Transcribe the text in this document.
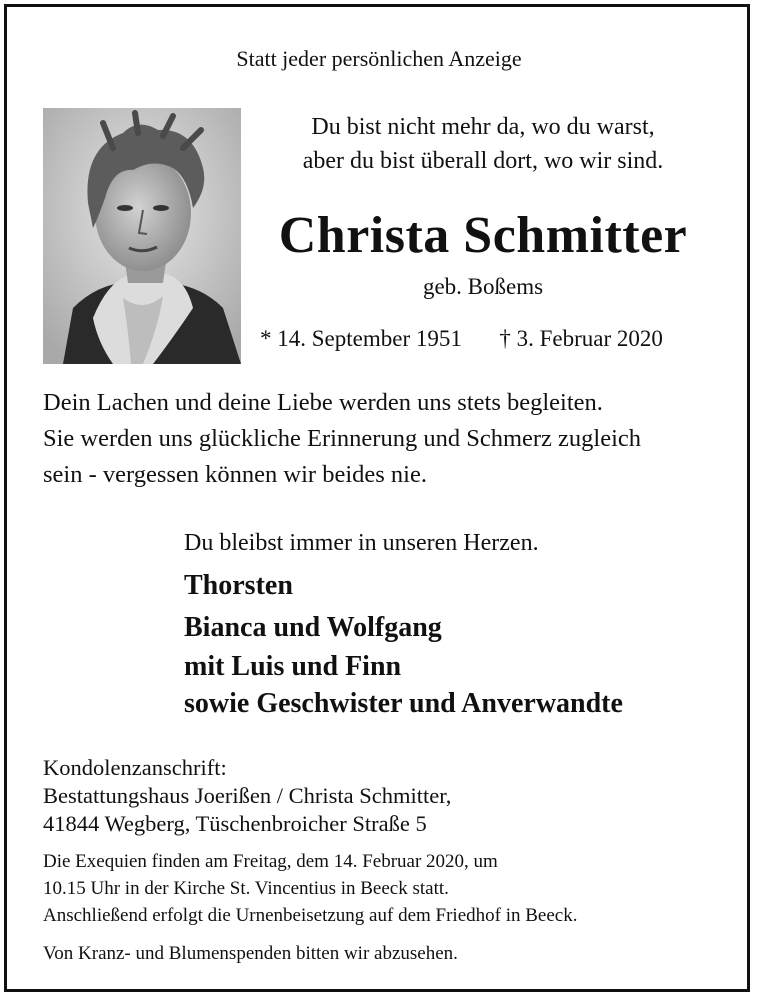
Statt jeder persönlichen Anzeige
Du bist nicht mehr da, wo du warst,
aber du bist überall dort, wo wir sind.
Christa Schmitter
geb. Boßems
* 14. September 1951 † 3. Februar 2020
Dein Lachen und deine Liebe werden uns stets begleiten.
Sie werden uns glückliche Erinnerung und Schmerz zugleich
sein - vergessen können wir beides nie.
Du bleibst immer in unseren Herzen.
Thorsten
Bianca und Wolfgang
mit Luis und Finn
sowie Geschwister und Anverwandte
Kondolenzanschrift:
Bestattungshaus Joerißen / Christa Schmitter,
41844 Wegberg, Tüschenbroicher Straße 5
Die Exequien finden am Freitag, dem 14. Februar 2020, um
10.15 Uhr in der Kirche St. Vincentius in Beeck statt.
Anschließend erfolgt die Urnenbeisetzung auf dem Friedhof in Beeck.
Von Kranz- und Blumenspenden bitten wir abzusehen.
